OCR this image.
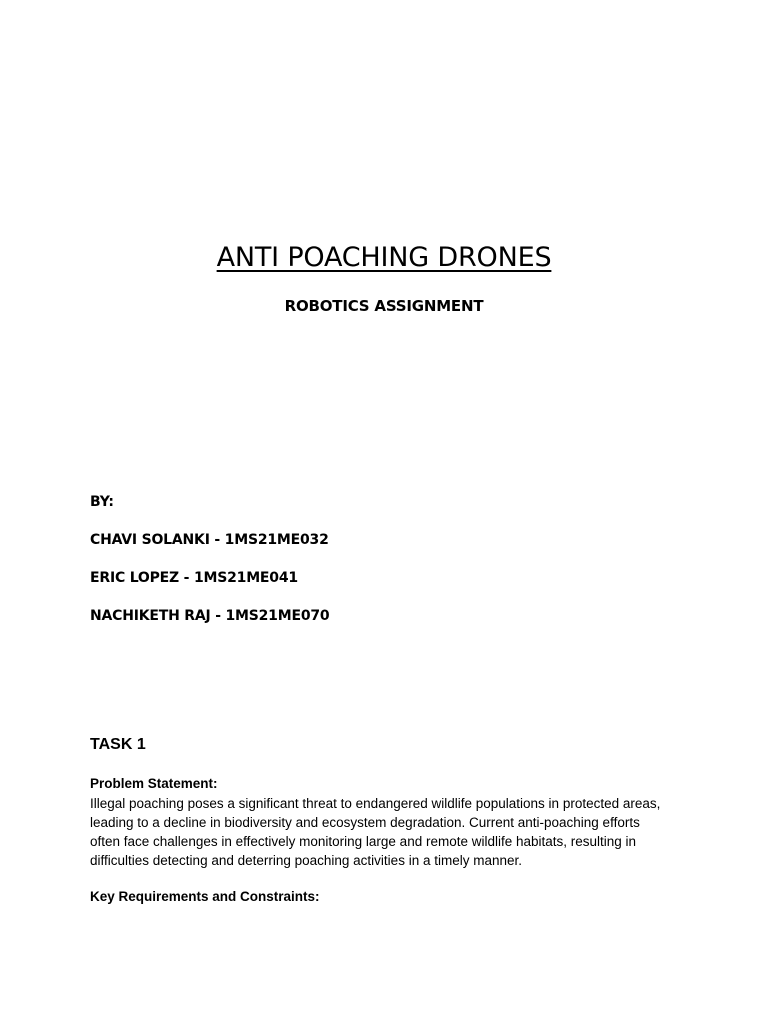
ANTI POACHING DRONES
ROBOTICS ASSIGNMENT
BY:
CHAVI SOLANKI - 1MS21ME032
ERIC LOPEZ - 1MS21ME041
NACHIKETH RAJ - 1MS21ME070
TASK 1
Problem Statement:
Illegal poaching poses a significant threat to endangered wildlife populations in protected areas,
leading to a decline in biodiversity and ecosystem degradation. Current anti-poaching efforts
often face challenges in effectively monitoring large and remote wildlife habitats, resulting in
difficulties detecting and deterring poaching activities in a timely manner.
Key Requirements and Constraints:
